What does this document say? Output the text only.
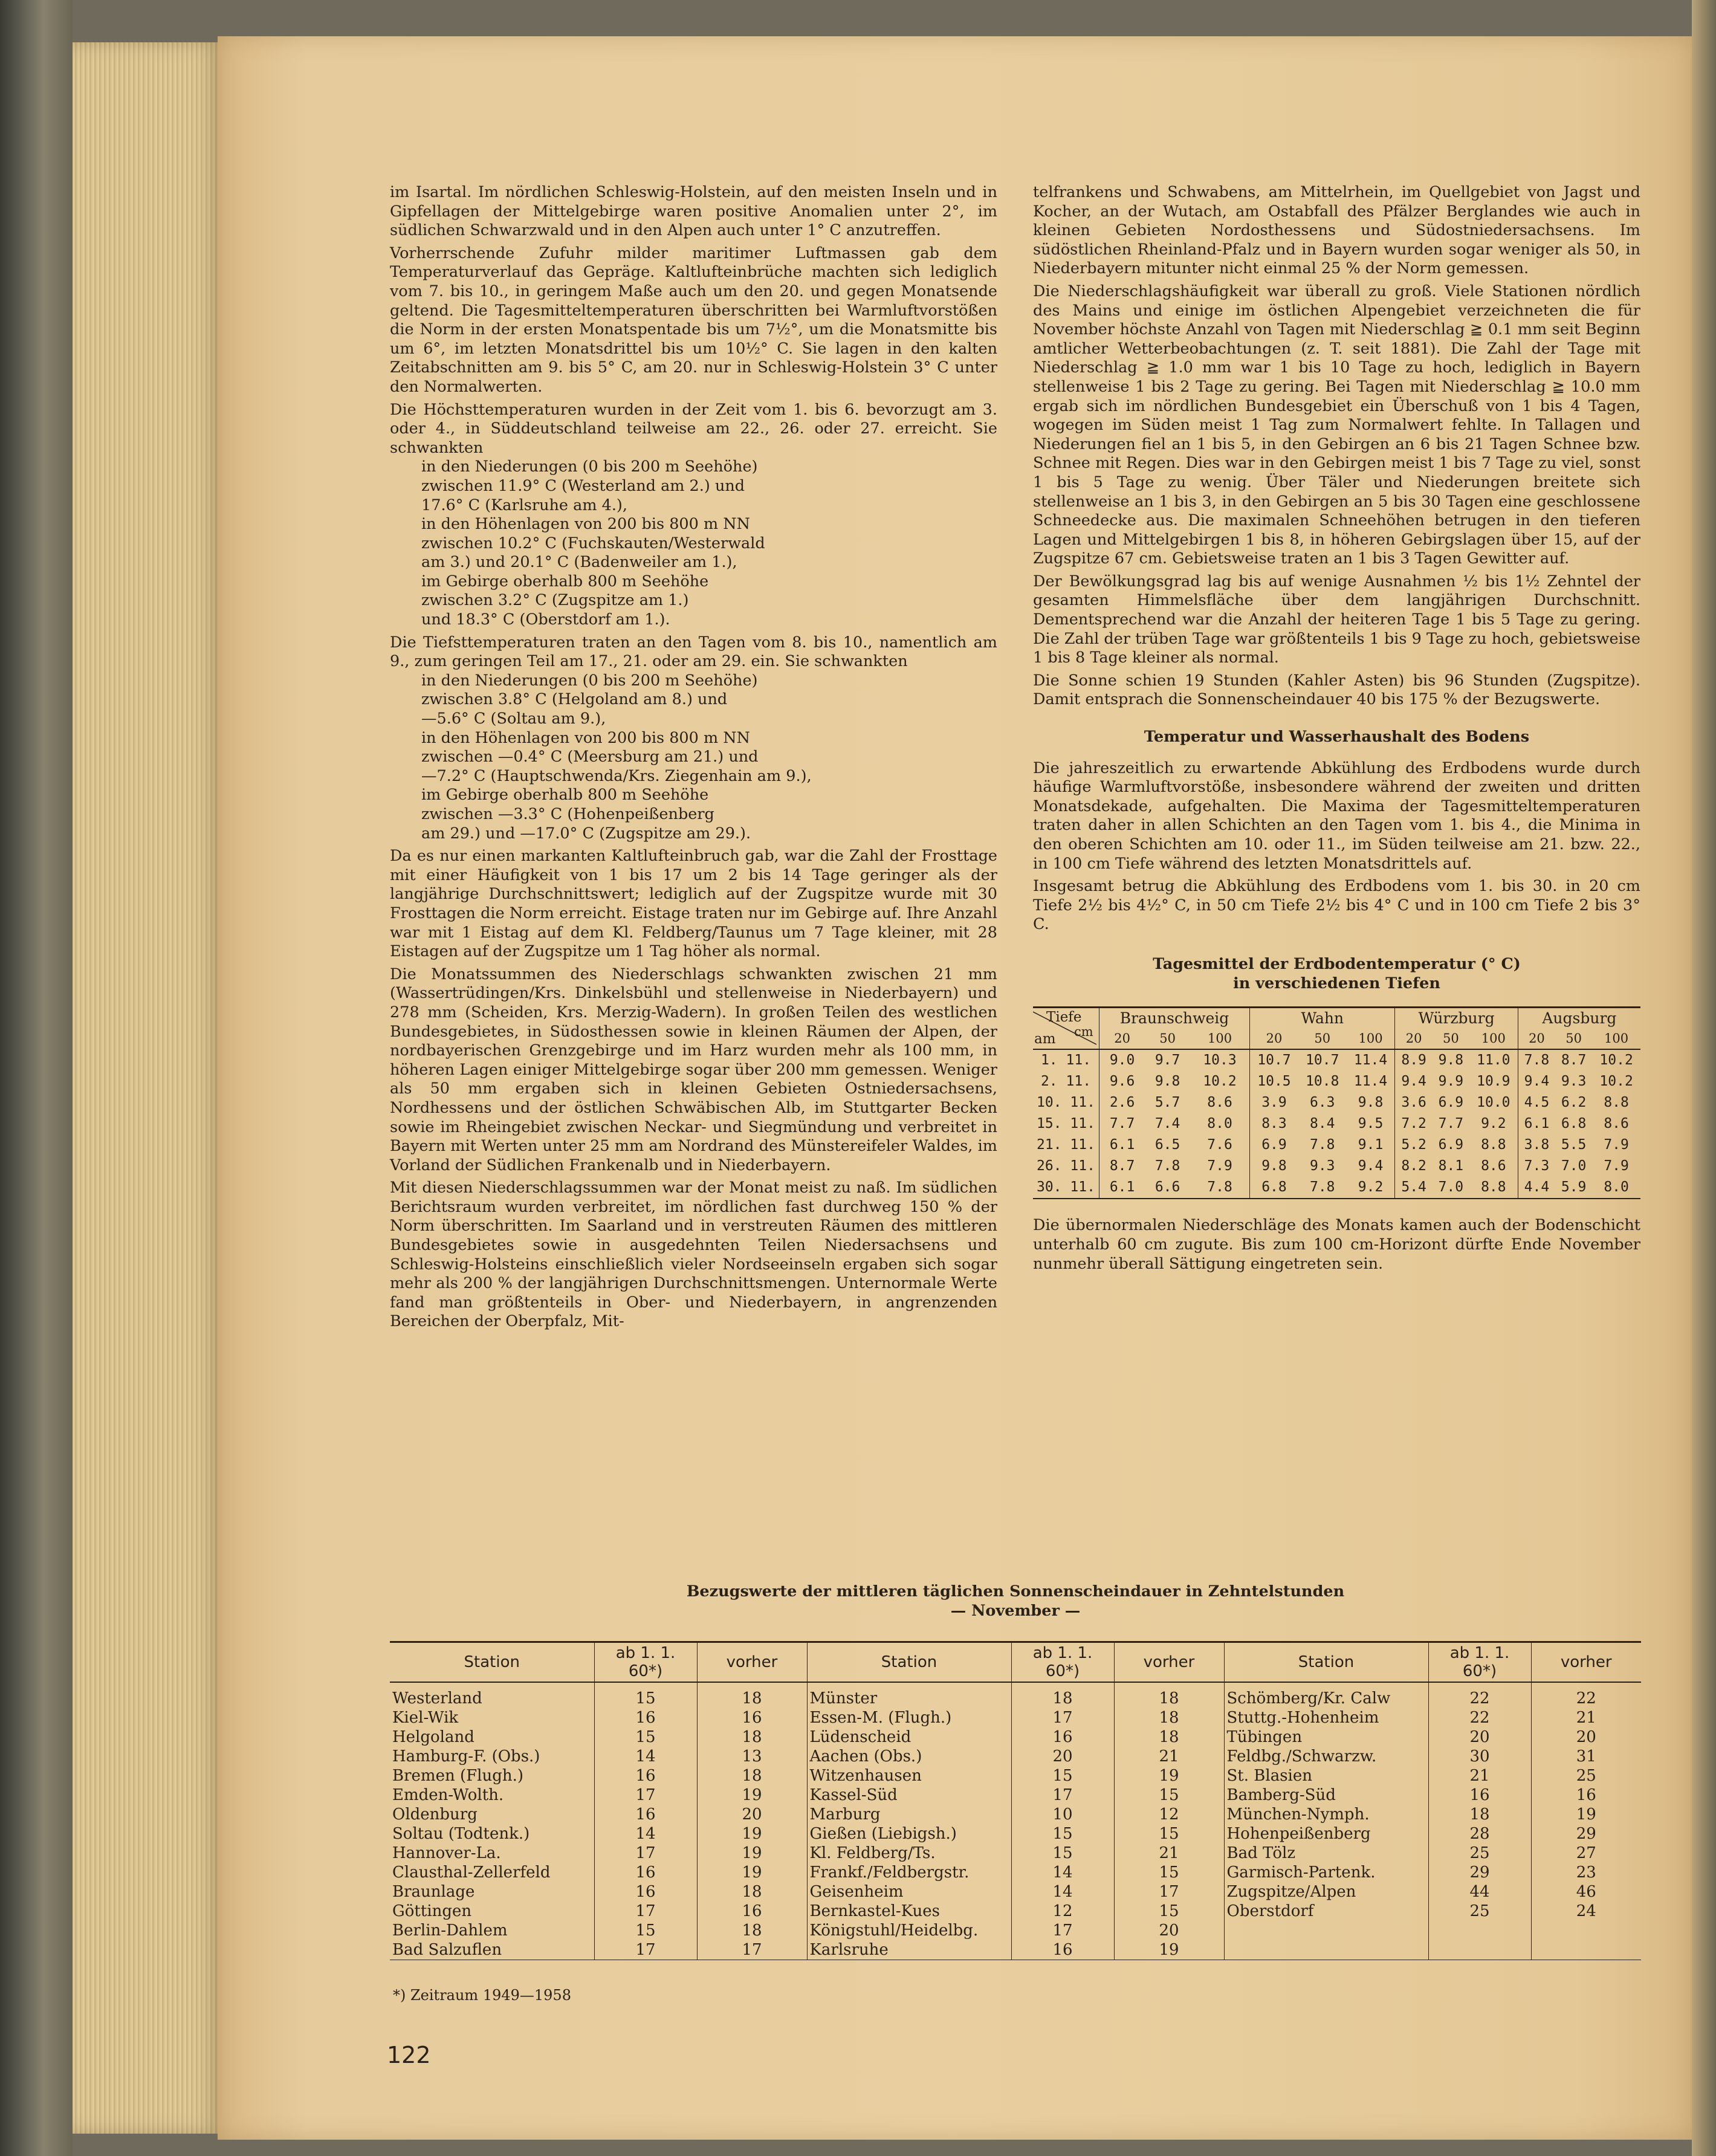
im Isartal. Im nördlichen Schleswig-Holstein, auf den meisten Inseln und in Gipfellagen der Mittelgebirge waren positive Anomalien unter 2°, im südlichen Schwarzwald und in den Alpen auch unter 1° C anzutreffen.

Vorherrschende Zufuhr milder maritimer Luftmassen gab dem Temperaturverlauf das Gepräge. Kaltlufteinbrüche machten sich lediglich vom 7. bis 10., in geringem Maße auch um den 20. und gegen Monatsende geltend. Die Tagesmitteltemperaturen überschritten bei Warmluftvorstößen die Norm in der ersten Monatspentade bis um 7½°, um die Monatsmitte bis um 6°, im letzten Monatsdrittel bis um 10½° C. Sie lagen in den kalten Zeitabschnitten am 9. bis 5° C, am 20. nur in Schleswig-Holstein 3° C unter den Normalwerten.

Die Höchsttemperaturen wurden in der Zeit vom 1. bis 6. bevorzugt am 3. oder 4., in Süddeutschland teilweise am 22., 26. oder 27. erreicht. Sie schwankten

in den Niederungen (0 bis 200 m Seehöhe)
zwischen 11.9° C (Westerland am 2.) und
17.6° C (Karlsruhe am 4.),
in den Höhenlagen von 200 bis 800 m NN
zwischen 10.2° C (Fuchskauten/Westerwald
am 3.) und 20.1° C (Badenweiler am 1.),
im Gebirge oberhalb 800 m Seehöhe
zwischen 3.2° C (Zugspitze am 1.)
und 18.3° C (Oberstdorf am 1.).

Die Tiefsttemperaturen traten an den Tagen vom 8. bis 10., namentlich am 9., zum geringen Teil am 17., 21. oder am 29. ein. Sie schwankten

in den Niederungen (0 bis 200 m Seehöhe)
zwischen 3.8° C (Helgoland am 8.) und
—5.6° C (Soltau am 9.),
in den Höhenlagen von 200 bis 800 m NN
zwischen —0.4° C (Meersburg am 21.) und
—7.2° C (Hauptschwenda/Krs. Ziegenhain am 9.),
im Gebirge oberhalb 800 m Seehöhe
zwischen —3.3° C (Hohenpeißenberg
am 29.) und —17.0° C (Zugspitze am 29.).

Da es nur einen markanten Kaltlufteinbruch gab, war die Zahl der Frosttage mit einer Häufigkeit von 1 bis 17 um 2 bis 14 Tage geringer als der langjährige Durchschnittswert; lediglich auf der Zugspitze wurde mit 30 Frosttagen die Norm erreicht. Eistage traten nur im Gebirge auf. Ihre Anzahl war mit 1 Eistag auf dem Kl. Feldberg/Taunus um 7 Tage kleiner, mit 28 Eistagen auf der Zugspitze um 1 Tag höher als normal.

Die Monatssummen des Niederschlags schwankten zwischen 21 mm (Wassertrüdingen/Krs. Dinkelsbühl und stellenweise in Niederbayern) und 278 mm (Scheiden, Krs. Merzig-Wadern). In großen Teilen des westlichen Bundesgebietes, in Südosthessen sowie in kleinen Räumen der Alpen, der nordbayerischen Grenzgebirge und im Harz wurden mehr als 100 mm, in höheren Lagen einiger Mittelgebirge sogar über 200 mm gemessen. Weniger als 50 mm ergaben sich in kleinen Gebieten Ostniedersachsens, Nordhessens und der östlichen Schwäbischen Alb, im Stuttgarter Becken sowie im Rheingebiet zwischen Neckar- und Siegmündung und verbreitet in Bayern mit Werten unter 25 mm am Nordrand des Münstereifeler Waldes, im Vorland der Südlichen Frankenalb und in Niederbayern.

Mit diesen Niederschlagssummen war der Monat meist zu naß. Im südlichen Berichtsraum wurden verbreitet, im nördlichen fast durchweg 150 % der Norm überschritten. Im Saarland und in verstreuten Räumen des mittleren Bundesgebietes sowie in ausgedehnten Teilen Niedersachsens und Schleswig-Holsteins einschließlich vieler Nordseeinseln ergaben sich sogar mehr als 200 % der langjährigen Durchschnittsmengen. Unternormale Werte fand man größtenteils in Ober- und Niederbayern, in angrenzenden Bereichen der Oberpfalz, Mit-

telfrankens und Schwabens, am Mittelrhein, im Quellgebiet von Jagst und Kocher, an der Wutach, am Ostabfall des Pfälzer Berglandes wie auch in kleinen Gebieten Nordosthessens und Südostniedersachsens. Im südöstlichen Rheinland-Pfalz und in Bayern wurden sogar weniger als 50, in Niederbayern mitunter nicht einmal 25 % der Norm gemessen.

Die Niederschlagshäufigkeit war überall zu groß. Viele Stationen nördlich des Mains und einige im östlichen Alpengebiet verzeichneten die für November höchste Anzahl von Tagen mit Niederschlag ≧ 0.1 mm seit Beginn amtlicher Wetterbeobachtungen (z. T. seit 1881). Die Zahl der Tage mit Niederschlag ≧ 1.0 mm war 1 bis 10 Tage zu hoch, lediglich in Bayern stellenweise 1 bis 2 Tage zu gering. Bei Tagen mit Niederschlag ≧ 10.0 mm ergab sich im nördlichen Bundesgebiet ein Überschuß von 1 bis 4 Tagen, wogegen im Süden meist 1 Tag zum Normalwert fehlte. In Tallagen und Niederungen fiel an 1 bis 5, in den Gebirgen an 6 bis 21 Tagen Schnee bzw. Schnee mit Regen. Dies war in den Gebirgen meist 1 bis 7 Tage zu viel, sonst 1 bis 5 Tage zu wenig. Über Täler und Niederungen breitete sich stellenweise an 1 bis 3, in den Gebirgen an 5 bis 30 Tagen eine geschlossene Schneedecke aus. Die maximalen Schneehöhen betrugen in den tieferen Lagen und Mittelgebirgen 1 bis 8, in höheren Gebirgslagen über 15, auf der Zugspitze 67 cm. Gebietsweise traten an 1 bis 3 Tagen Gewitter auf.

Der Bewölkungsgrad lag bis auf wenige Ausnahmen ½ bis 1½ Zehntel der gesamten Himmelsfläche über dem langjährigen Durchschnitt. Dementsprechend war die Anzahl der heiteren Tage 1 bis 5 Tage zu gering. Die Zahl der trüben Tage war größtenteils 1 bis 9 Tage zu hoch, gebietsweise 1 bis 8 Tage kleiner als normal.

Die Sonne schien 19 Stunden (Kahler Asten) bis 96 Stunden (Zugspitze). Damit entsprach die Sonnenscheindauer 40 bis 175 % der Bezugswerte.

Temperatur und Wasserhaushalt des Bodens

Die jahreszeitlich zu erwartende Abkühlung des Erdbodens wurde durch häufige Warmluftvorstöße, insbesondere während der zweiten und dritten Monatsdekade, aufgehalten. Die Maxima der Tagesmitteltemperaturen traten daher in allen Schichten an den Tagen vom 1. bis 4., die Minima in den oberen Schichten am 10. oder 11., im Süden teilweise am 21. bzw. 22., in 100 cm Tiefe während des letzten Monatsdrittels auf.

Insgesamt betrug die Abkühlung des Erdbodens vom 1. bis 30. in 20 cm Tiefe 2½ bis 4½° C, in 50 cm Tiefe 2½ bis 4° C und in 100 cm Tiefe 2 bis 3° C.

Tagesmittel der Erdbodentemperatur (° C)
in verschiedenen Tiefen
Tiefe
cm
am	Braunschweig			Wahn			Würzburg			Augsburg		
	20	50	100	20	50	100	20	50	100	20	50	100
1. 11.	9.0	9.7	10.3	10.7	10.7	11.4	8.9	9.8	11.0	7.8	8.7	10.2
2. 11.	9.6	9.8	10.2	10.5	10.8	11.4	9.4	9.9	10.9	9.4	9.3	10.2
10. 11.	2.6	5.7	8.6	3.9	6.3	9.8	3.6	6.9	10.0	4.5	6.2	8.8
15. 11.	7.7	7.4	8.0	8.3	8.4	9.5	7.2	7.7	9.2	6.1	6.8	8.6
21. 11.	6.1	6.5	7.6	6.9	7.8	9.1	5.2	6.9	8.8	3.8	5.5	7.9
26. 11.	8.7	7.8	7.9	9.8	9.3	9.4	8.2	8.1	8.6	7.3	7.0	7.9
30. 11.	6.1	6.6	7.8	6.8	7.8	9.2	5.4	7.0	8.8	4.4	5.9	8.0

Die übernormalen Niederschläge des Monats kamen auch der Bodenschicht unterhalb 60 cm zugute. Bis zum 100 cm-Horizont dürfte Ende November nunmehr überall Sättigung eingetreten sein.

Bezugswerte der mittleren täglichen Sonnenscheindauer in Zehntelstunden
— November —
Station	ab 1. 1. 60*)	vorher	Station	ab 1. 1. 60*)	vorher	Station	ab 1. 1. 60*)	vorher
Westerland	15	18	Münster	18	18	Schömberg/Kr. Calw	22	22
Kiel-Wik	16	16	Essen-M. (Flugh.)	17	18	Stuttg.-Hohenheim	22	21
Helgoland	15	18	Lüdenscheid	16	18	Tübingen	20	20
Hamburg-F. (Obs.)	14	13	Aachen (Obs.)	20	21	Feldbg./Schwarzw.	30	31
Bremen (Flugh.)	16	18	Witzenhausen	15	19	St. Blasien	21	25
Emden-Wolth.	17	19	Kassel-Süd	17	15	Bamberg-Süd	16	16
Oldenburg	16	20	Marburg	10	12	München-Nymph.	18	19
Soltau (Todtenk.)	14	19	Gießen (Liebigsh.)	15	15	Hohenpeißenberg	28	29
Hannover-La.	17	19	Kl. Feldberg/Ts.	15	21	Bad Tölz	25	27
Clausthal-Zellerfeld	16	19	Frankf./Feldbergstr.	14	15	Garmisch-Partenk.	29	23
Braunlage	16	18	Geisenheim	14	17	Zugspitze/Alpen	44	46
Göttingen	17	16	Bernkastel-Kues	12	15	Oberstdorf	25	24
Berlin-Dahlem	15	18	Königstuhl/Heidelbg.	17	20			
Bad Salzuflen	17	17	Karlsruhe	16	19			
*) Zeitraum 1949—1958
122
